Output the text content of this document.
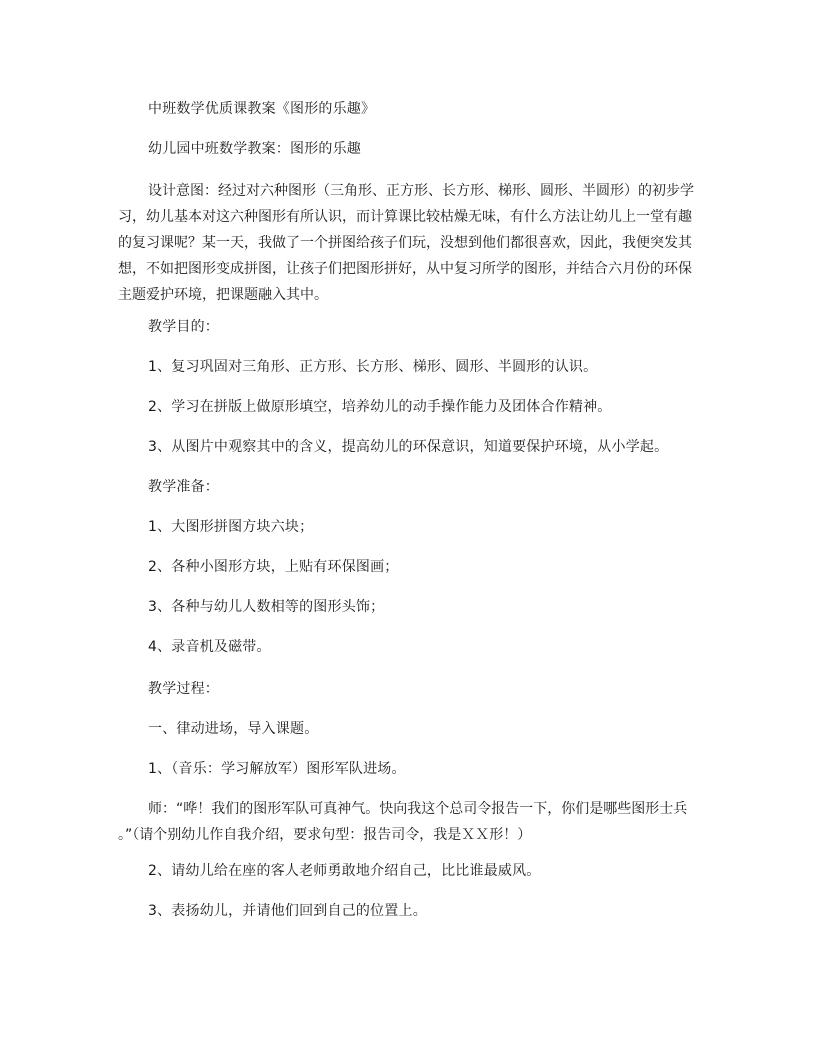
中班数学优质课教案《图形的乐趣》
幼儿园中班数学教案：图形的乐趣
设计意图：经过对六种图形（三角形、正方形、长方形、梯形、圆形、半圆形）的初步学
习，幼儿基本对这六种图形有所认识，而计算课比较枯燥无味，有什么方法让幼儿上一堂有趣
的复习课呢？某一天，我做了一个拼图给孩子们玩，没想到他们都很喜欢，因此，我便突发其
想，不如把图形变成拼图，让孩子们把图形拼好，从中复习所学的图形，并结合六月份的环保
主题爱护环境，把课题融入其中。
教学目的：
1、复习巩固对三角形、正方形、长方形、梯形、圆形、半圆形的认识。
2、学习在拼版上做原形填空，培养幼儿的动手操作能力及团体合作精神。
3、从图片中观察其中的含义，提高幼儿的环保意识，知道要保护环境，从小学起。
教学准备：
1、大图形拼图方块六块；
2、各种小图形方块，上贴有环保图画；
3、各种与幼儿人数相等的图形头饰；
4、录音机及磁带。
教学过程：
一、律动进场，导入课题。
1、（音乐：学习解放军）图形军队进场。
师：“哗！我们的图形军队可真神气。快向我这个总司令报告一下，你们是哪些图形士兵
。”（请个别幼儿作自我介绍，要求句型：报告司令，我是ＸＸ形！）
2、请幼儿给在座的客人老师勇敢地介绍自己，比比谁最威风。
3、表扬幼儿，并请他们回到自己的位置上。
